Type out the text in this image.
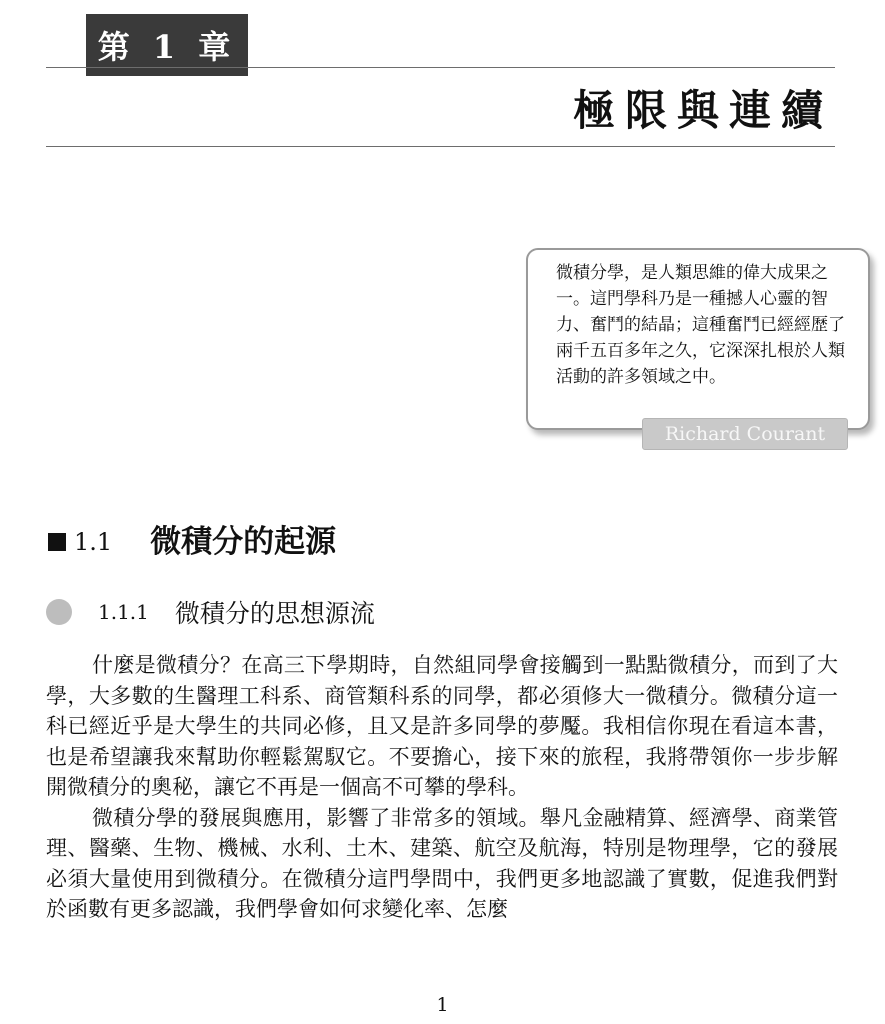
第 1 章
極限與連續

微積分學，是人類思維的偉大成果之一。這門學科乃是一種撼人心靈的智力、奮鬥的結晶；這種奮鬥已經經歷了兩千五百多年之久，它深深扎根於人類活動的許多領域之中。

Richard Courant
1.1 微積分的起源
1.1.1 微積分的思想源流

什麼是微積分？在高三下學期時，自然組同學會接觸到一點點微積分，而到了大學，大多數的生醫理工科系、商管類科系的同學，都必須修大一微積分。微積分這一科已經近乎是大學生的共同必修，且又是許多同學的夢魘。我相信你現在看這本書，也是希望讓我來幫助你輕鬆駕馭它。不要擔心，接下來的旅程，我將帶領你一步步解開微積分的奧秘，讓它不再是一個高不可攀的學科。

微積分學的發展與應用，影響了非常多的領域。舉凡金融精算、經濟學、商業管理、醫藥、生物、機械、水利、土木、建築、航空及航海，特別是物理學，它的發展必須大量使用到微積分。在微積分這門學問中，我們更多地認識了實數，促進我們對於函數有更多認識，我們學會如何求變化率、怎麼

1
